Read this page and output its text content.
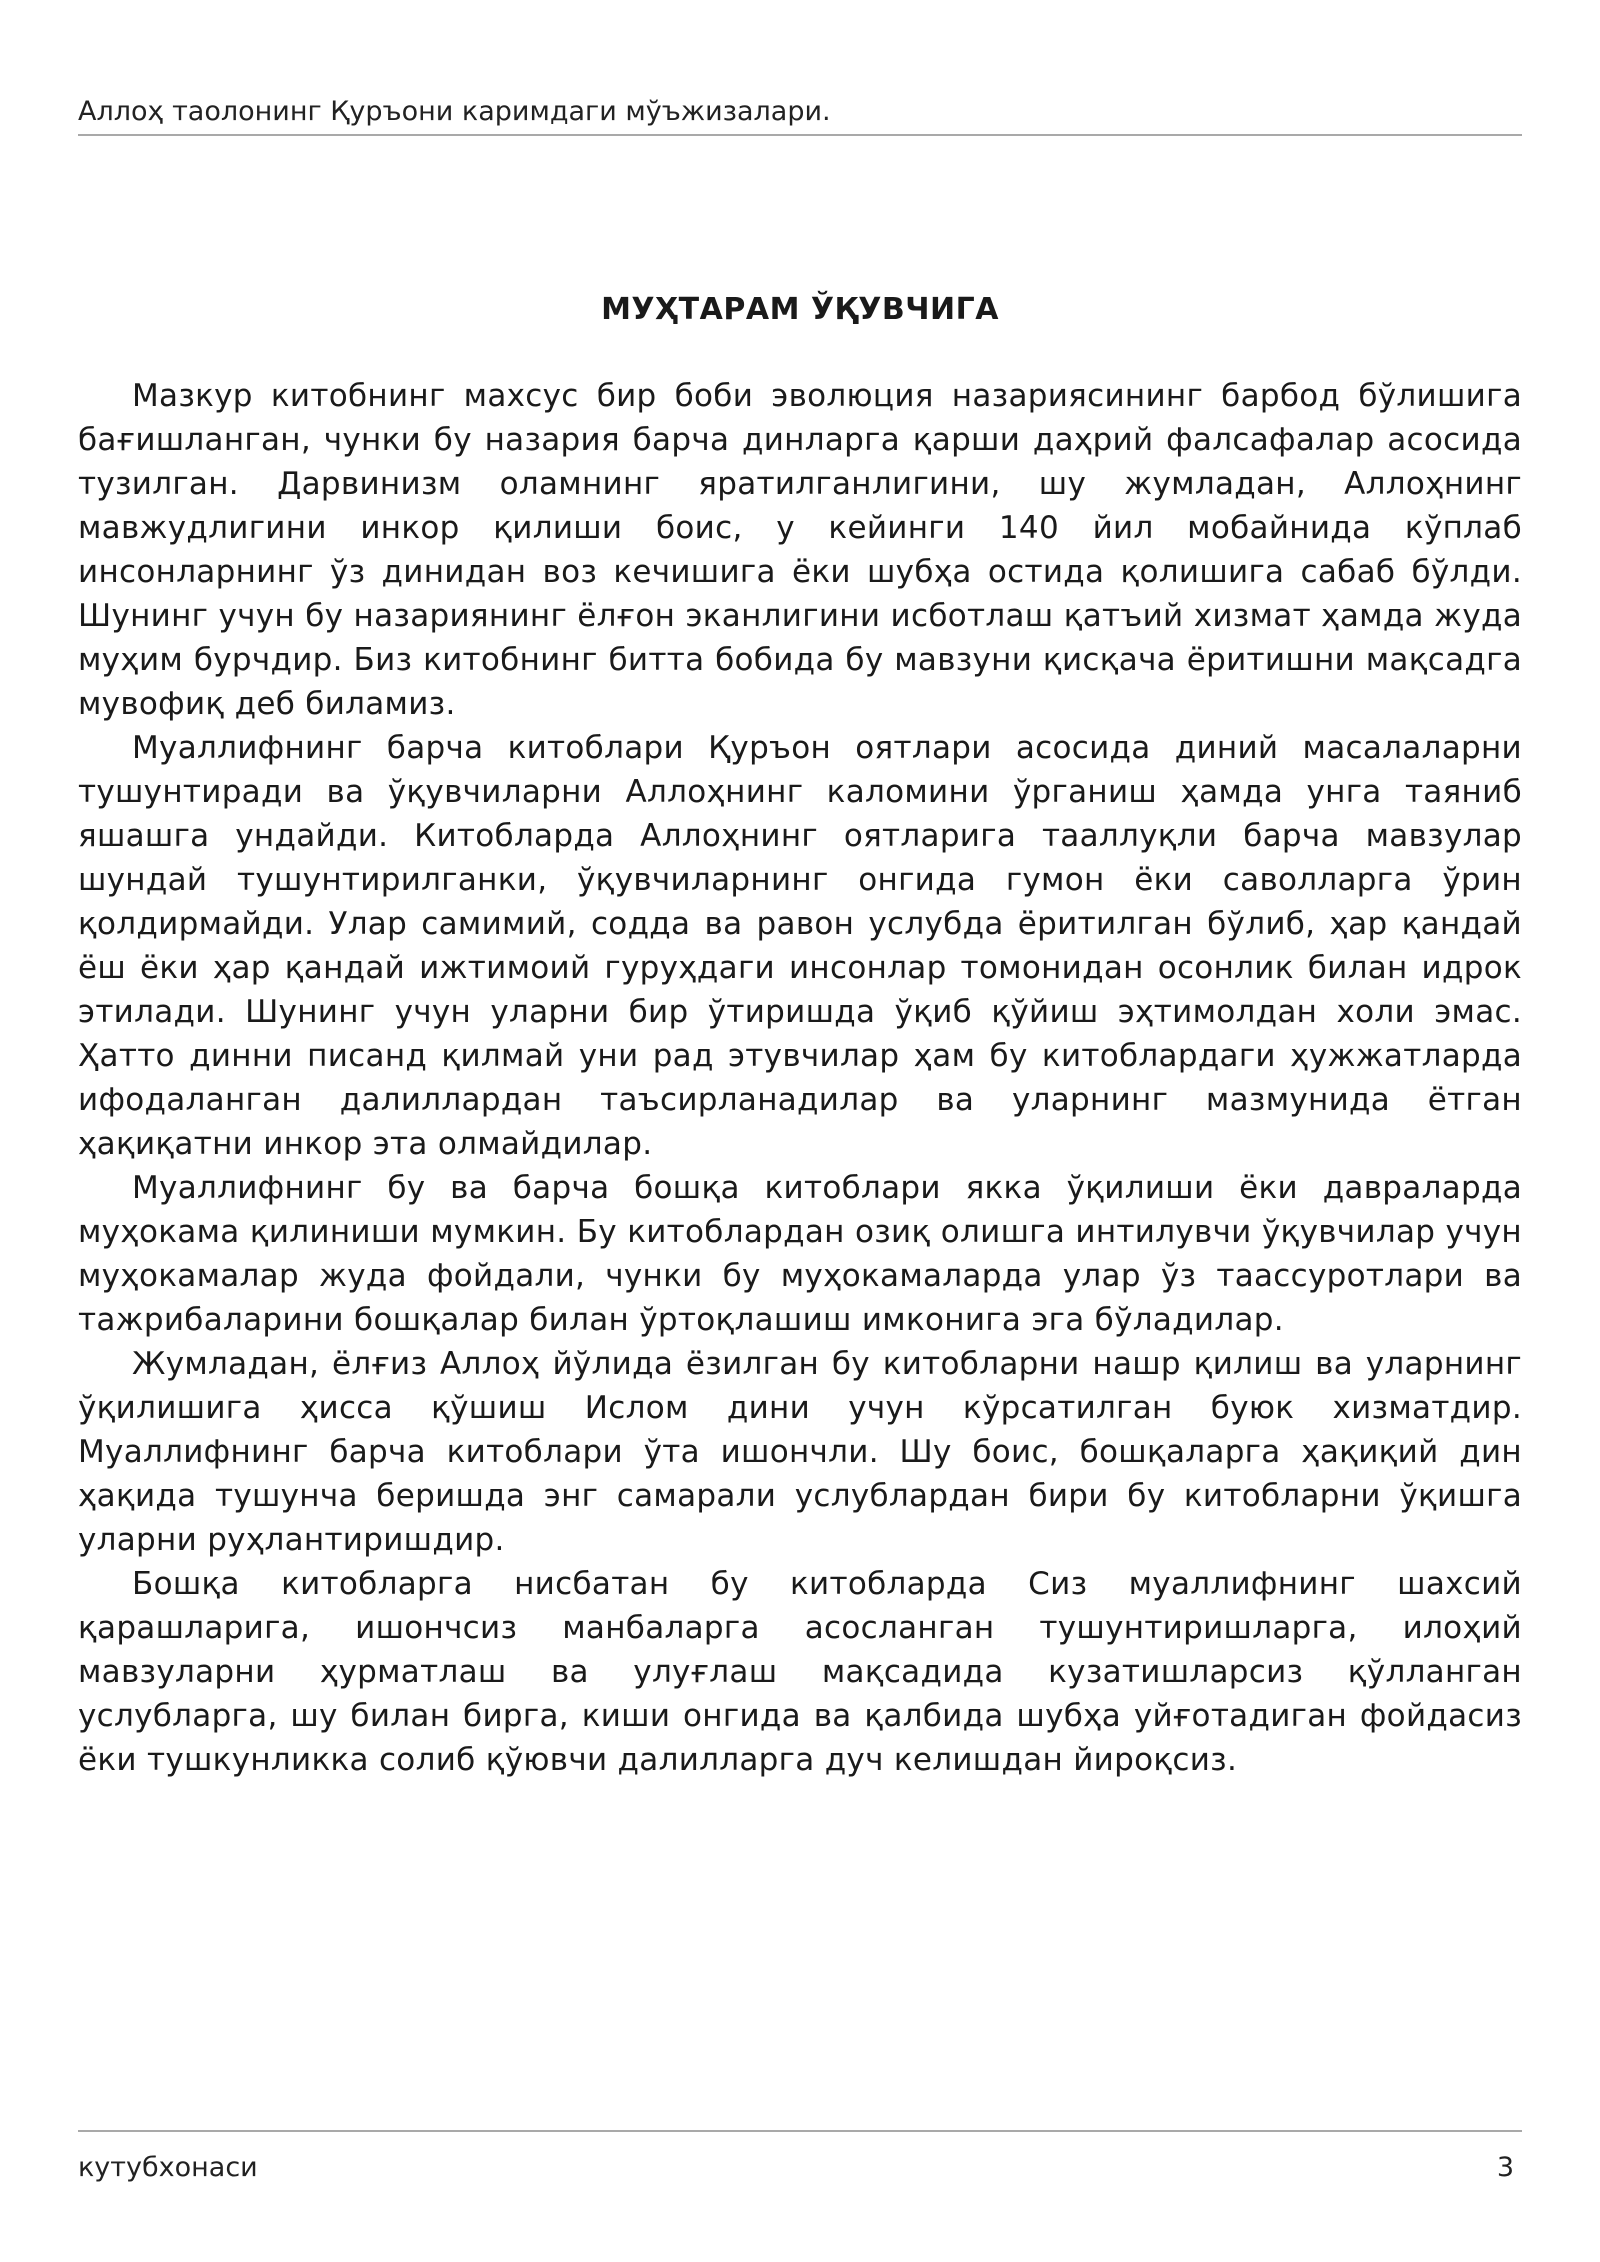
Аллоҳ таолонинг Қуръони каримдаги мўъжизалари.
МУҲТАРАМ ЎҚУВЧИГА

Мазкур китобнинг махсус бир боби эволюция назариясининг барбод бўлишига бағишланган, чунки бу назария барча динларга қарши даҳрий фалсафалар асосида тузилган. Дарвинизм оламнинг яратилганлигини, шу жумладан, Аллоҳнинг мавжудлигини инкор қилиши боис, у кейинги 140 йил мобайнида кўплаб инсонларнинг ўз динидан воз кечишига ёки шубҳа остида қолишига сабаб бўлди. Шунинг учун бу назариянинг ёлғон эканлигини исботлаш қатъий хизмат ҳамда жуда муҳим бурчдир. Биз китобнинг битта бобида бу мавзуни қисқача ёритишни мақсадга мувофиқ деб биламиз.

Муаллифнинг барча китоблари Қуръон оятлари асосида диний масалаларни тушунтиради ва ўқувчиларни Аллоҳнинг каломини ўрганиш ҳамда унга таяниб яшашга ундайди. Китобларда Аллоҳнинг оятларига тааллуқли барча мавзулар шундай тушунтирилганки, ўқувчиларнинг онгида гумон ёки саволларга ўрин қолдирмайди. Улар самимий, содда ва равон услубда ёритилган бўлиб, ҳар қандай ёш ёки ҳар қандай ижтимоий гуруҳдаги инсонлар томонидан осонлик билан идрок этилади. Шунинг учун уларни бир ўтиришда ўқиб қўйиш эҳтимолдан холи эмас. Ҳатто динни писанд қилмай уни рад этувчилар ҳам бу китоблардаги ҳужжатларда ифодаланган далиллардан таъсирланадилар ва уларнинг мазмунида ётган ҳақиқатни инкор эта олмайдилар.

Муаллифнинг бу ва барча бошқа китоблари якка ўқилиши ёки давраларда муҳокама қилиниши мумкин. Бу китоблардан озиқ олишга интилувчи ўқувчилар учун муҳокамалар жуда фойдали, чунки бу муҳокамаларда улар ўз таассуротлари ва тажрибаларини бошқалар билан ўртоқлашиш имконига эга бўладилар.

Жумладан, ёлғиз Аллоҳ йўлида ёзилган бу китобларни нашр қилиш ва уларнинг ўқилишига ҳисса қўшиш Ислом дини учун кўрсатилган буюк хизматдир. Муаллифнинг барча китоблари ўта ишончли. Шу боис, бошқаларга ҳақиқий дин ҳақида тушунча беришда энг самарали услублардан бири бу китобларни ўқишга уларни руҳлантиришдир.

Бошқа китобларга нисбатан бу китобларда Сиз муаллифнинг шахсий қарашларига, ишончсиз манбаларга асосланган тушунтиришларга, илоҳий мавзуларни ҳурматлаш ва улуғлаш мақсадида кузатишларсиз қўлланган услубларга, шу билан бирга, киши онгида ва қалбида шубҳа уйғотадиган фойдасиз ёки тушкунликка солиб қўювчи далилларга дуч келишдан йироқсиз.

кутубхонаси	3
